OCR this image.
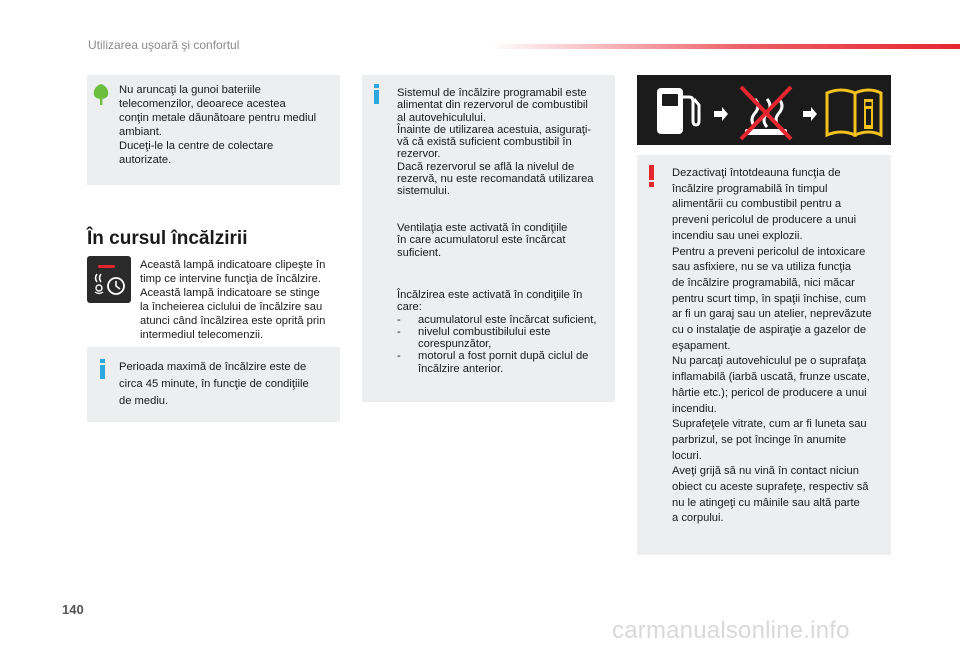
Utilizarea uşoară şi confortul
Nu aruncaţi la gunoi bateriile
telecomenzilor, deoarece acestea
conţin metale dăunătoare pentru mediul
ambiant.
Duceţi-le la centre de colectare
autorizate.
În cursul încălzirii
Această lampă indicatoare clipeşte în
timp ce intervine funcţia de încălzire.
Această lampă indicatoare se stinge
la încheierea ciclului de încălzire sau
atunci când încălzirea este oprită prin
intermediul telecomenzii.
Perioada maximă de încălzire este de
circa 45 minute, în funcţie de condiţiile
de mediu.
Sistemul de încălzire programabil este
alimentat din rezervorul de combustibil
al autovehiculului.
Înainte de utilizarea acestuia, asiguraţi-
vă că există suficient combustibil în
rezervor.
Dacă rezervorul se află la nivelul de
rezervă, nu este recomandată utilizarea
sistemului.
Ventilaţia este activată în condiţiile
în care acumulatorul este încărcat
suficient.
Încălzirea este activată în condiţiile în
care:
- acumulatorul este încărcat suficient,
- nivelul combustibilului este corespunzător,
- motorul a fost pornit după ciclul de încălzire anterior.
Dezactivaţi întotdeauna funcţia de
încălzire programabilă în timpul
alimentării cu combustibil pentru a
preveni pericolul de producere a unui
incendiu sau unei explozii.
Pentru a preveni pericolul de intoxicare
sau asfixiere, nu se va utiliza funcţia
de încălzire programabilă, nici măcar
pentru scurt timp, în spaţii închise, cum
ar fi un garaj sau un atelier, neprevăzute
cu o instalaţie de aspiraţie a gazelor de
eşapament.
Nu parcaţi autovehiculul pe o suprafaţa
inflamabilă (iarbă uscată, frunze uscate,
hârtie etc.); pericol de producere a unui
incendiu.
Suprafeţele vitrate, cum ar fi luneta sau
parbrizul, se pot încinge în anumite
locuri.
Aveţi grijă să nu vină în contact niciun
obiect cu aceste suprafeţe, respectiv să
nu le atingeţi cu mâinile sau altă parte
a corpului.
140
carmanualsonline.info
